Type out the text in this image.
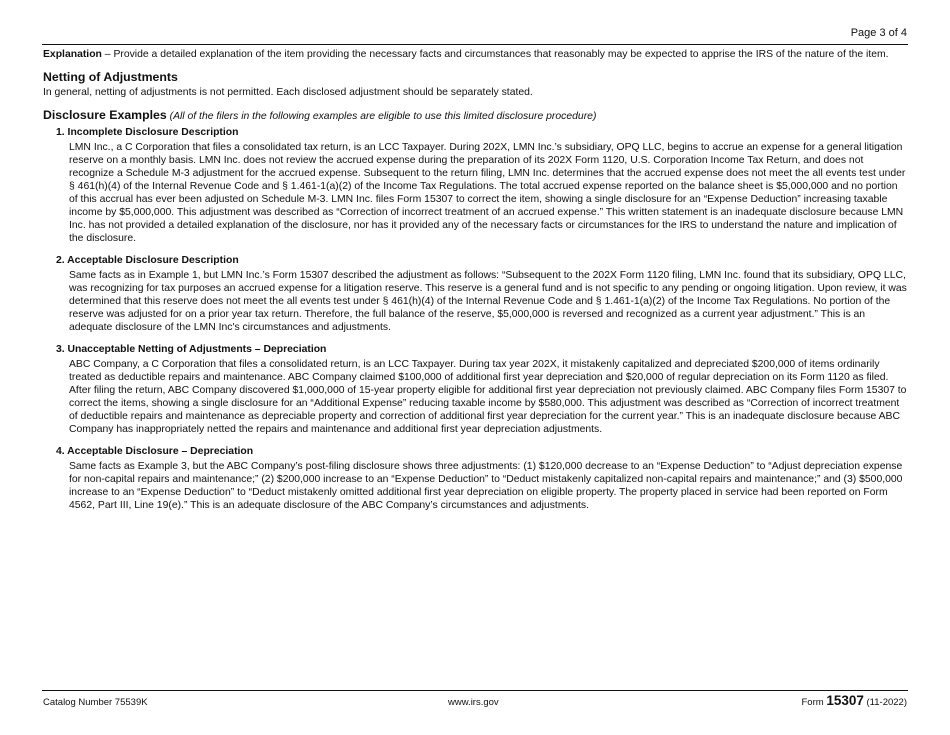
Page 3 of 4

Explanation – Provide a detailed explanation of the item providing the necessary facts and circumstances that reasonably may be expected to apprise the IRS of the nature of the item.

Netting of Adjustments

In general, netting of adjustments is not permitted. Each disclosed adjustment should be separately stated.

Disclosure Examples (All of the filers in the following examples are eligible to use this limited disclosure procedure)
1. Incomplete Disclosure Description

LMN Inc., a C Corporation that files a consolidated tax return, is an LCC Taxpayer. During 202X, LMN Inc.’s subsidiary, OPQ LLC, begins to accrue an expense for a general litigation reserve on a monthly basis. LMN Inc. does not review the accrued expense during the preparation of its 202X Form 1120, U.S. Corporation Income Tax Return, and does not recognize a Schedule M-3 adjustment for the accrued expense. Subsequent to the return filing, LMN Inc. determines that the accrued expense does not meet the all events test under § 461(h)(4) of the Internal Revenue Code and § 1.461-1(a)(2) of the Income Tax Regulations. The total accrued expense reported on the balance sheet is $5,000,000 and no portion of this accrual has ever been adjusted on Schedule M-3. LMN Inc. files Form 15307 to correct the item, showing a single disclosure for an “Expense Deduction” increasing taxable income by $5,000,000. This adjustment was described as “Correction of incorrect treatment of an accrued expense.” This written statement is an inadequate disclosure because LMN Inc. has not provided a detailed explanation of the disclosure, nor has it provided any of the necessary facts or circumstances for the IRS to understand the nature and implication of the disclosure.

2. Acceptable Disclosure Description

Same facts as in Example 1, but LMN Inc.’s Form 15307 described the adjustment as follows: “Subsequent to the 202X Form 1120 filing, LMN Inc. found that its subsidiary, OPQ LLC, was recognizing for tax purposes an accrued expense for a litigation reserve. This reserve is a general fund and is not specific to any pending or ongoing litigation. Upon review, it was determined that this reserve does not meet the all events test under § 461(h)(4) of the Internal Revenue Code and § 1.461-1(a)(2) of the Income Tax Regulations. No portion of the reserve was adjusted for on a prior year tax return. Therefore, the full balance of the reserve, $5,000,000 is reversed and recognized as a current year adjustment.” This is an adequate disclosure of the LMN Inc's circumstances and adjustments.

3. Unacceptable Netting of Adjustments – Depreciation

ABC Company, a C Corporation that files a consolidated return, is an LCC Taxpayer. During tax year 202X, it mistakenly capitalized and depreciated $200,000 of items ordinarily treated as deductible repairs and maintenance. ABC Company claimed $100,000 of additional first year depreciation and $20,000 of regular depreciation on its Form 1120 as filed. After filing the return, ABC Company discovered $1,000,000 of 15-year property eligible for additional first year depreciation not previously claimed. ABC Company files Form 15307 to correct the items, showing a single disclosure for an “Additional Expense” reducing taxable income by $580,000. This adjustment was described as “Correction of incorrect treatment of deductible repairs and maintenance as depreciable property and correction of additional first year depreciation for the current year.” This is an inadequate disclosure because ABC Company has inappropriately netted the repairs and maintenance and additional first year depreciation adjustments.

4. Acceptable Disclosure – Depreciation

Same facts as Example 3, but the ABC Company’s post-filing disclosure shows three adjustments: (1) $120,000 decrease to an “Expense Deduction” to “Adjust depreciation expense for non-capital repairs and maintenance;” (2) $200,000 increase to an “Expense Deduction” to “Deduct mistakenly capitalized non-capital repairs and maintenance;” and (3) $500,000 increase to an “Expense Deduction” to “Deduct mistakenly omitted additional first year depreciation on eligible property. The property placed in service had been reported on Form 4562, Part III, Line 19(e).” This is an adequate disclosure of the ABC Company’s circumstances and adjustments.

Catalog Number 75539K	www.irs.gov	Form 15307 (11-2022)
